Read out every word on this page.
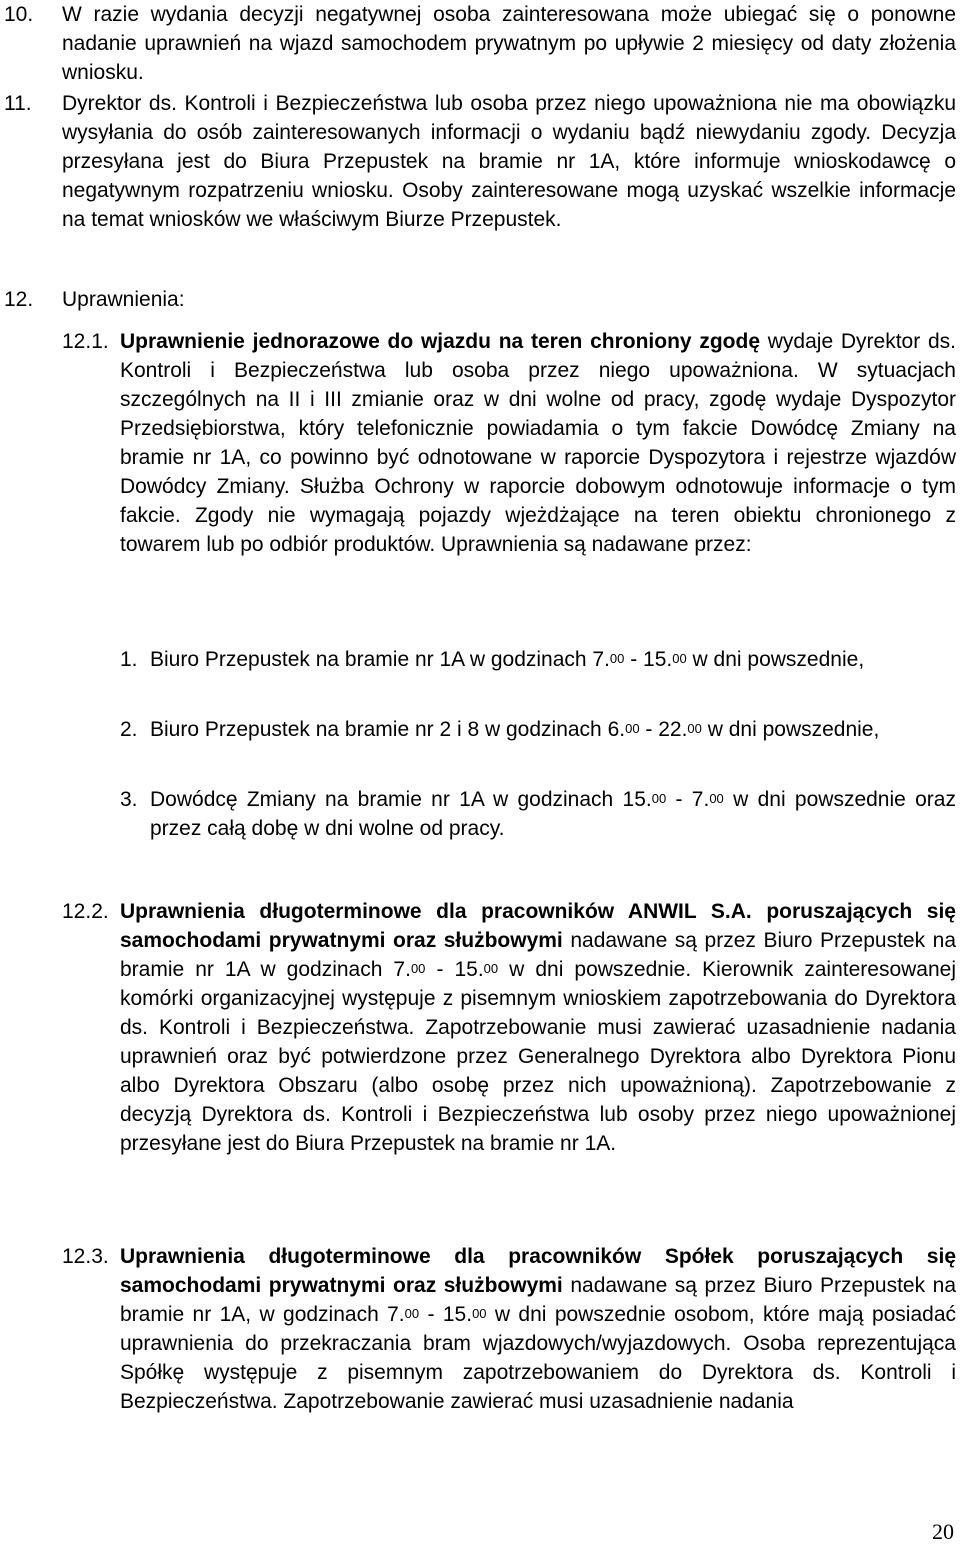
10. W razie wydania decyzji negatywnej osoba zainteresowana może ubiegać się o ponowne nadanie uprawnień na wjazd samochodem prywatnym po upływie 2 miesięcy od daty złożenia wniosku.
11. Dyrektor ds. Kontroli i Bezpieczeństwa lub osoba przez niego upoważniona nie ma obowiązku wysyłania do osób zainteresowanych informacji o wydaniu bądź niewydaniu zgody. Decyzja przesyłana jest do Biura Przepustek na bramie nr 1A, które informuje wnioskodawcę o negatywnym rozpatrzeniu wniosku. Osoby zainteresowane mogą uzyskać wszelkie informacje na temat wniosków we właściwym Biurze Przepustek.
12. Uprawnienia:
12.1. Uprawnienie jednorazowe do wjazdu na teren chroniony zgodę wydaje Dyrektor ds. Kontroli i Bezpieczeństwa lub osoba przez niego upoważniona. W sytuacjach szczególnych na II i III zmianie oraz w dni wolne od pracy, zgodę wydaje Dyspozytor Przedsiębiorstwa, który telefonicznie powiadamia o tym fakcie Dowódcę Zmiany na bramie nr 1A, co powinno być odnotowane w raporcie Dyspozytora i rejestrze wjazdów Dowódcy Zmiany. Służba Ochrony w raporcie dobowym odnotowuje informacje o tym fakcie. Zgody nie wymagają pojazdy wjeżdżające na teren obiektu chronionego z towarem lub po odbiór produktów. Uprawnienia są nadawane przez:
1. Biuro Przepustek na bramie nr 1A w godzinach 7.00 - 15.00 w dni powszednie,
2. Biuro Przepustek na bramie nr 2 i 8 w godzinach 6.00 - 22.00 w dni powszednie,
3. Dowódcę Zmiany na bramie nr 1A w godzinach 15.00 - 7.00 w dni powszednie oraz przez całą dobę w dni wolne od pracy.
12.2. Uprawnienia długoterminowe dla pracowników ANWIL S.A. poruszających się samochodami prywatnymi oraz służbowymi nadawane są przez Biuro Przepustek na bramie nr 1A w godzinach 7.00 - 15.00 w dni powszednie. Kierownik zainteresowanej komórki organizacyjnej występuje z pisemnym wnioskiem zapotrzebowania do Dyrektora ds. Kontroli i Bezpieczeństwa. Zapotrzebowanie musi zawierać uzasadnienie nadania uprawnień oraz być potwierdzone przez Generalnego Dyrektora albo Dyrektora Pionu albo Dyrektora Obszaru (albo osobę przez nich upoważnioną). Zapotrzebowanie z decyzją Dyrektora ds. Kontroli i Bezpieczeństwa lub osoby przez niego upoważnionej przesyłane jest do Biura Przepustek na bramie nr 1A.
12.3. Uprawnienia długoterminowe dla pracowników Spółek poruszających się samochodami prywatnymi oraz służbowymi nadawane są przez Biuro Przepustek na bramie nr 1A, w godzinach 7.00 - 15.00 w dni powszednie osobom, które mają posiadać uprawnienia do przekraczania bram wjazdowych/wyjazdowych. Osoba reprezentująca Spółkę występuje z pisemnym zapotrzebowaniem do Dyrektora ds. Kontroli i Bezpieczeństwa. Zapotrzebowanie zawierać musi uzasadnienie nadania
20
